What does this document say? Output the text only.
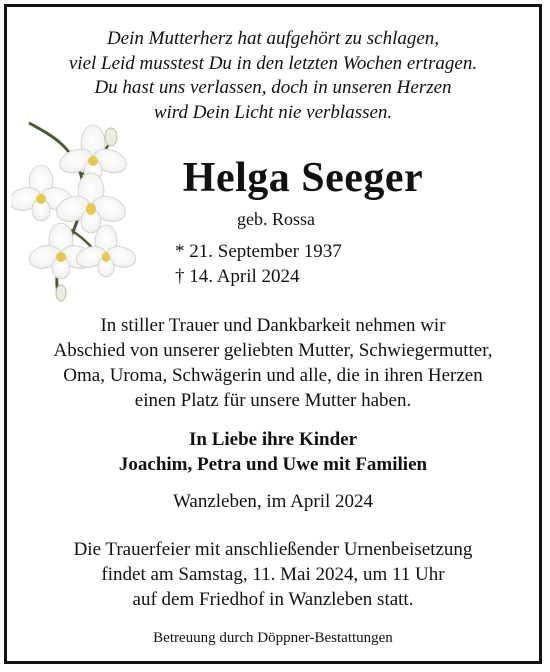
Dein Mutterherz hat aufgehört zu schlagen,
viel Leid musstest Du in den letzten Wochen ertragen.
Du hast uns verlassen, doch in unseren Herzen
wird Dein Licht nie verblassen.
Helga Seeger
geb. Rossa
* 21. September 1937
† 14. April 2024
In stiller Trauer und Dankbarkeit nehmen wir
Abschied von unserer geliebten Mutter, Schwiegermutter,
Oma, Uroma, Schwägerin und alle, die in ihren Herzen
einen Platz für unsere Mutter haben.
In Liebe ihre Kinder
Joachim, Petra und Uwe mit Familien
Wanzleben, im April 2024
Die Trauerfeier mit anschließender Urnenbeisetzung
findet am Samstag, 11. Mai 2024, um 11 Uhr
auf dem Friedhof in Wanzleben statt.
Betreuung durch Döppner-Bestattungen
